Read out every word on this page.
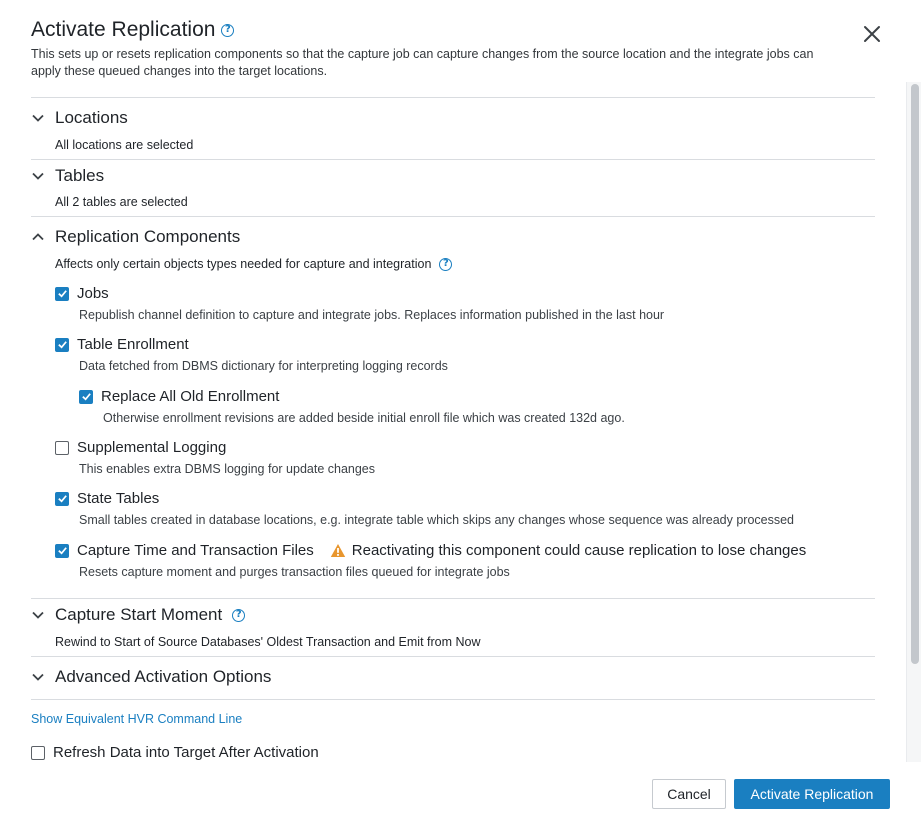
Activate Replication ?
This sets up or resets replication components so that the capture job can capture changes from the source location and the integrate jobs can apply these queued changes into the target locations.
Locations
All locations are selected
Tables
All 2 tables are selected
Replication Components
Affects only certain objects types needed for capture and integration	?
Jobs
Republish channel definition to capture and integrate jobs. Replaces information published in the last hour
Table Enrollment
Data fetched from DBMS dictionary for interpreting logging records
Replace All Old Enrollment
Otherwise enrollment revisions are added beside initial enroll file which was created 132d ago.
Supplemental Logging
This enables extra DBMS logging for update changes
State Tables
Small tables created in database locations, e.g. integrate table which skips any changes whose sequence was already processed
Capture Time and Transaction Files	Reactivating this component could cause replication to lose changes
Resets capture moment and purges transaction files queued for integrate jobs
Capture Start Moment	?
Rewind to Start of Source Databases' Oldest Transaction and Emit from Now
Advanced Activation Options
Show Equivalent HVR Command Line
Refresh Data into Target After Activation
Cancel	Activate Replication
